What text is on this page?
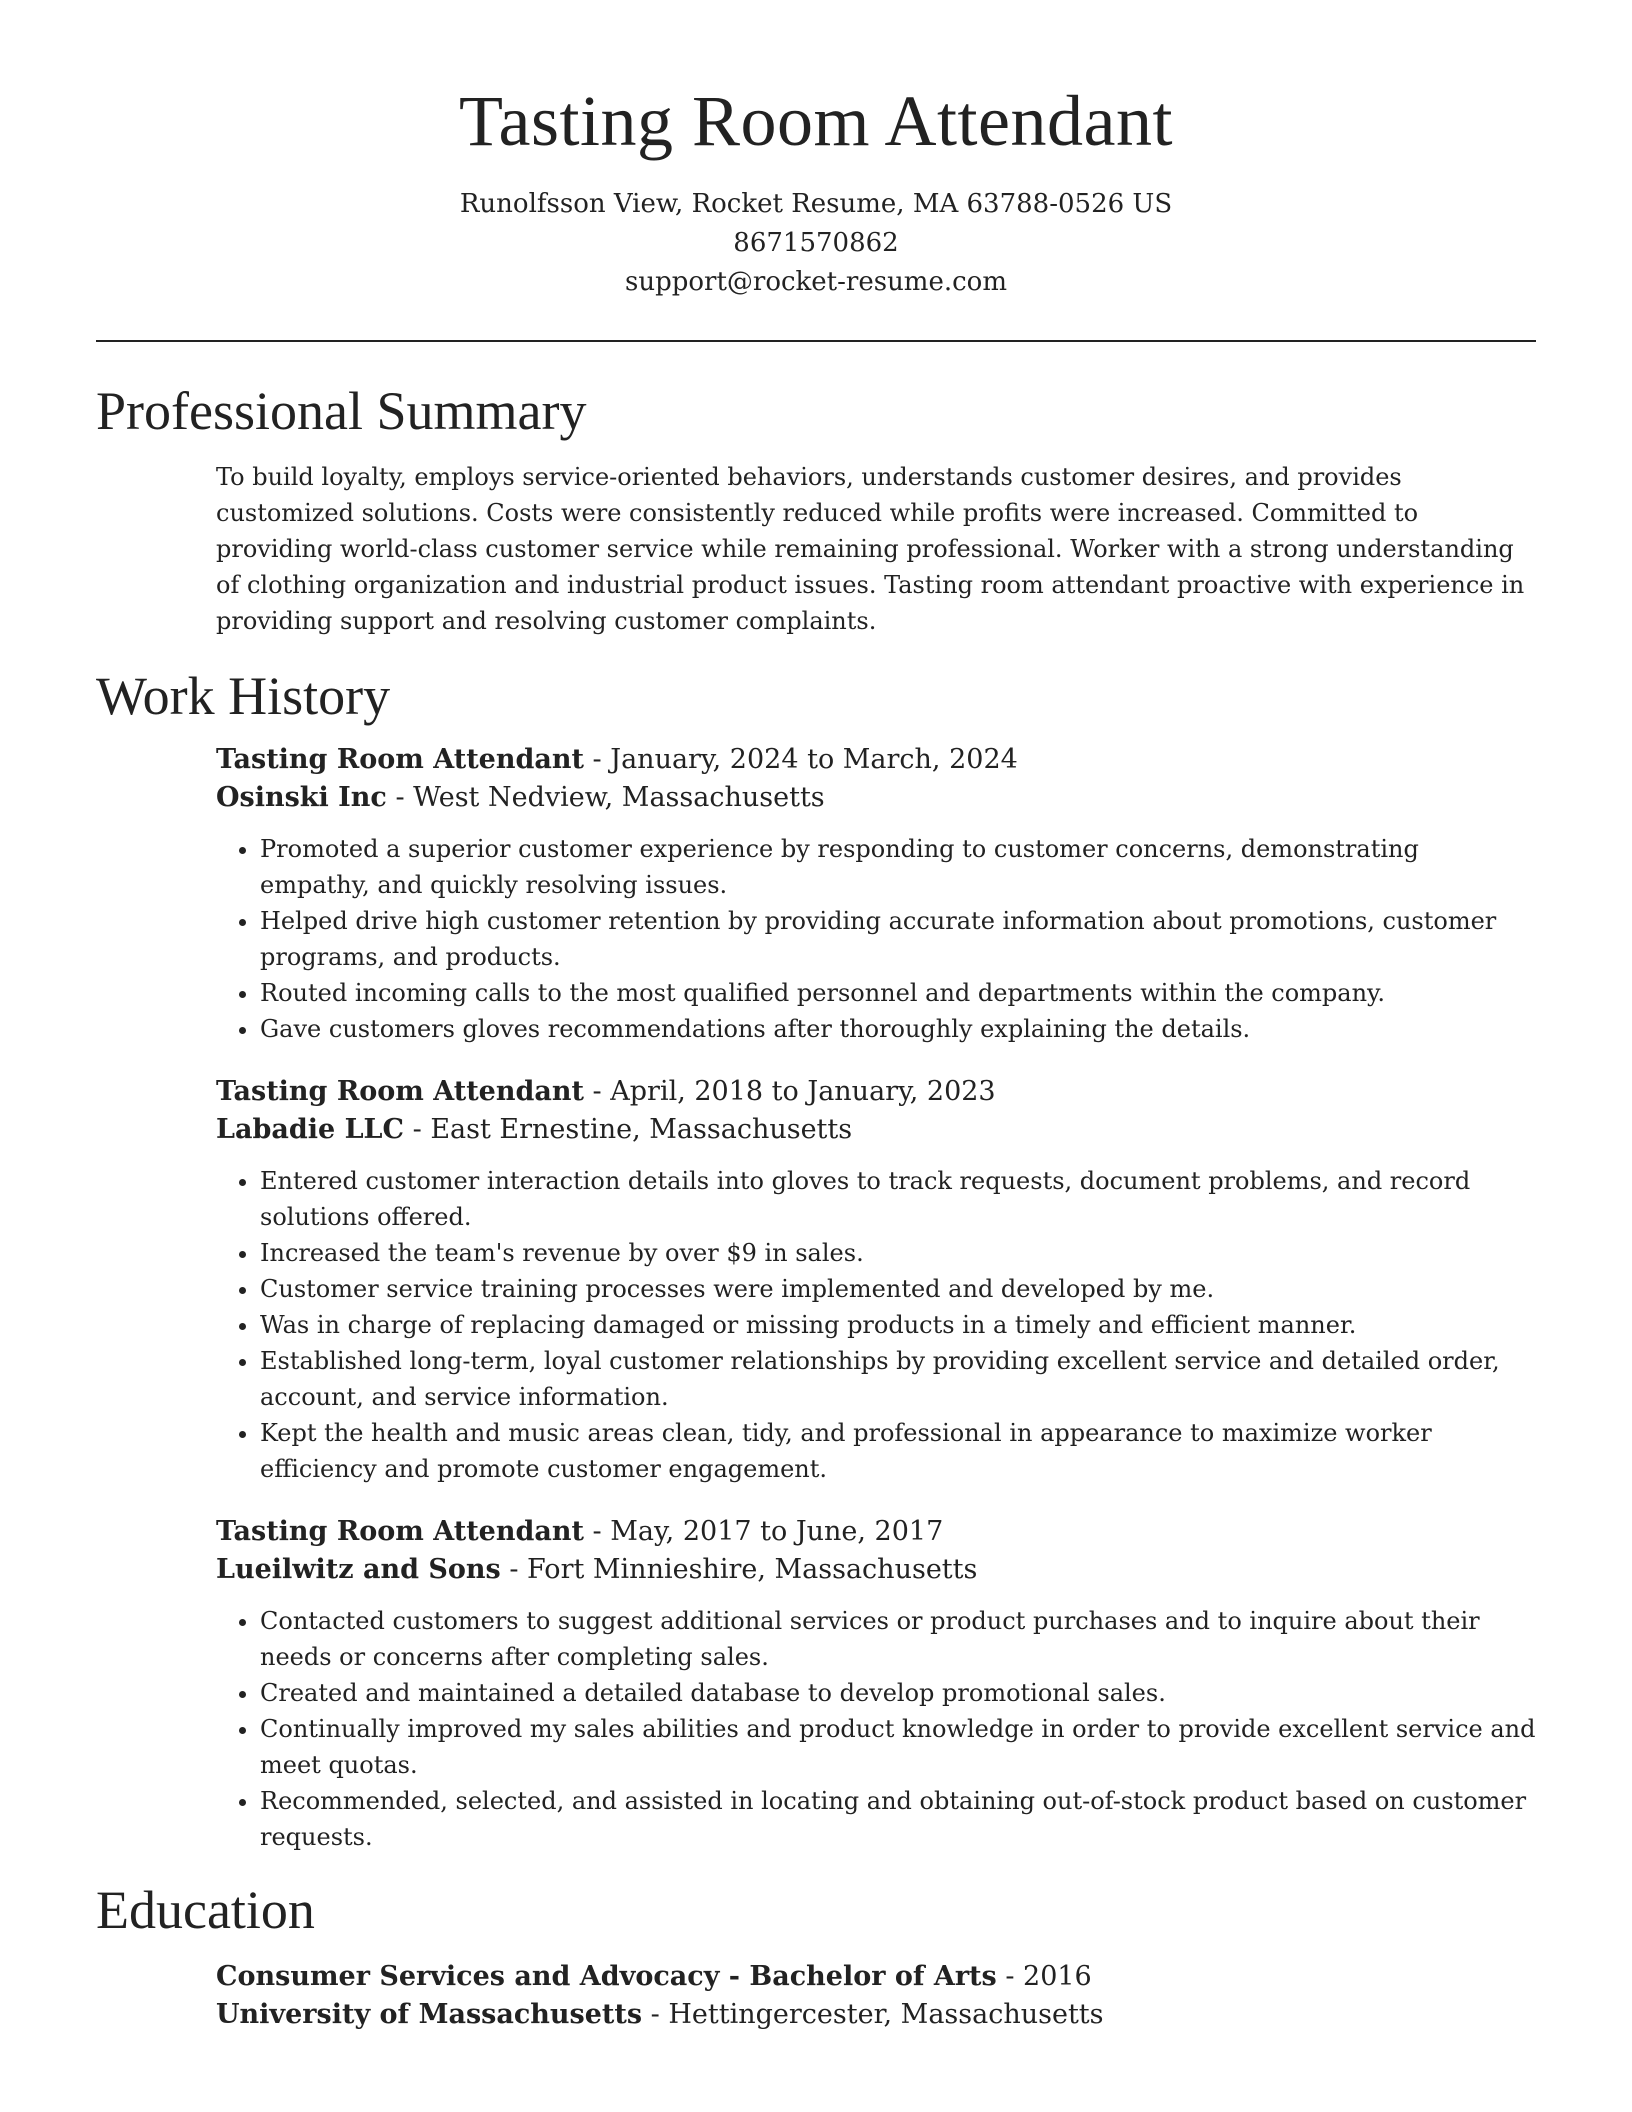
Tasting Room Attendant

Runolfsson View, Rocket Resume, MA 63788-0526 US

8671570862

support@rocket-resume.com

Professional Summary

To build loyalty, employs service-oriented behaviors, understands customer desires, and provides customized solutions. Costs were consistently reduced while profits were increased. Committed to providing world-class customer service while remaining professional. Worker with a strong understanding of clothing organization and industrial product issues. Tasting room attendant proactive with experience in providing support and resolving customer complaints.

Work History

Tasting Room Attendant - January, 2024 to March, 2024

Osinski Inc - West Nedview, Massachusetts

• Promoted a superior customer experience by responding to customer concerns, demonstrating empathy, and quickly resolving issues.
• Helped drive high customer retention by providing accurate information about promotions, customer programs, and products.
• Routed incoming calls to the most qualified personnel and departments within the company.
• Gave customers gloves recommendations after thoroughly explaining the details.

Tasting Room Attendant - April, 2018 to January, 2023

Labadie LLC - East Ernestine, Massachusetts

• Entered customer interaction details into gloves to track requests, document problems, and record solutions offered.
• Increased the team's revenue by over $9 in sales.
• Customer service training processes were implemented and developed by me.
• Was in charge of replacing damaged or missing products in a timely and efficient manner.
• Established long-term, loyal customer relationships by providing excellent service and detailed order, account, and service information.
• Kept the health and music areas clean, tidy, and professional in appearance to maximize worker efficiency and promote customer engagement.

Tasting Room Attendant - May, 2017 to June, 2017

Lueilwitz and Sons - Fort Minnieshire, Massachusetts

• Contacted customers to suggest additional services or product purchases and to inquire about their needs or concerns after completing sales.
• Created and maintained a detailed database to develop promotional sales.
• Continually improved my sales abilities and product knowledge in order to provide excellent service and meet quotas.
• Recommended, selected, and assisted in locating and obtaining out-of-stock product based on customer requests.
Education

Consumer Services and Advocacy - Bachelor of Arts - 2016

University of Massachusetts - Hettingercester, Massachusetts
